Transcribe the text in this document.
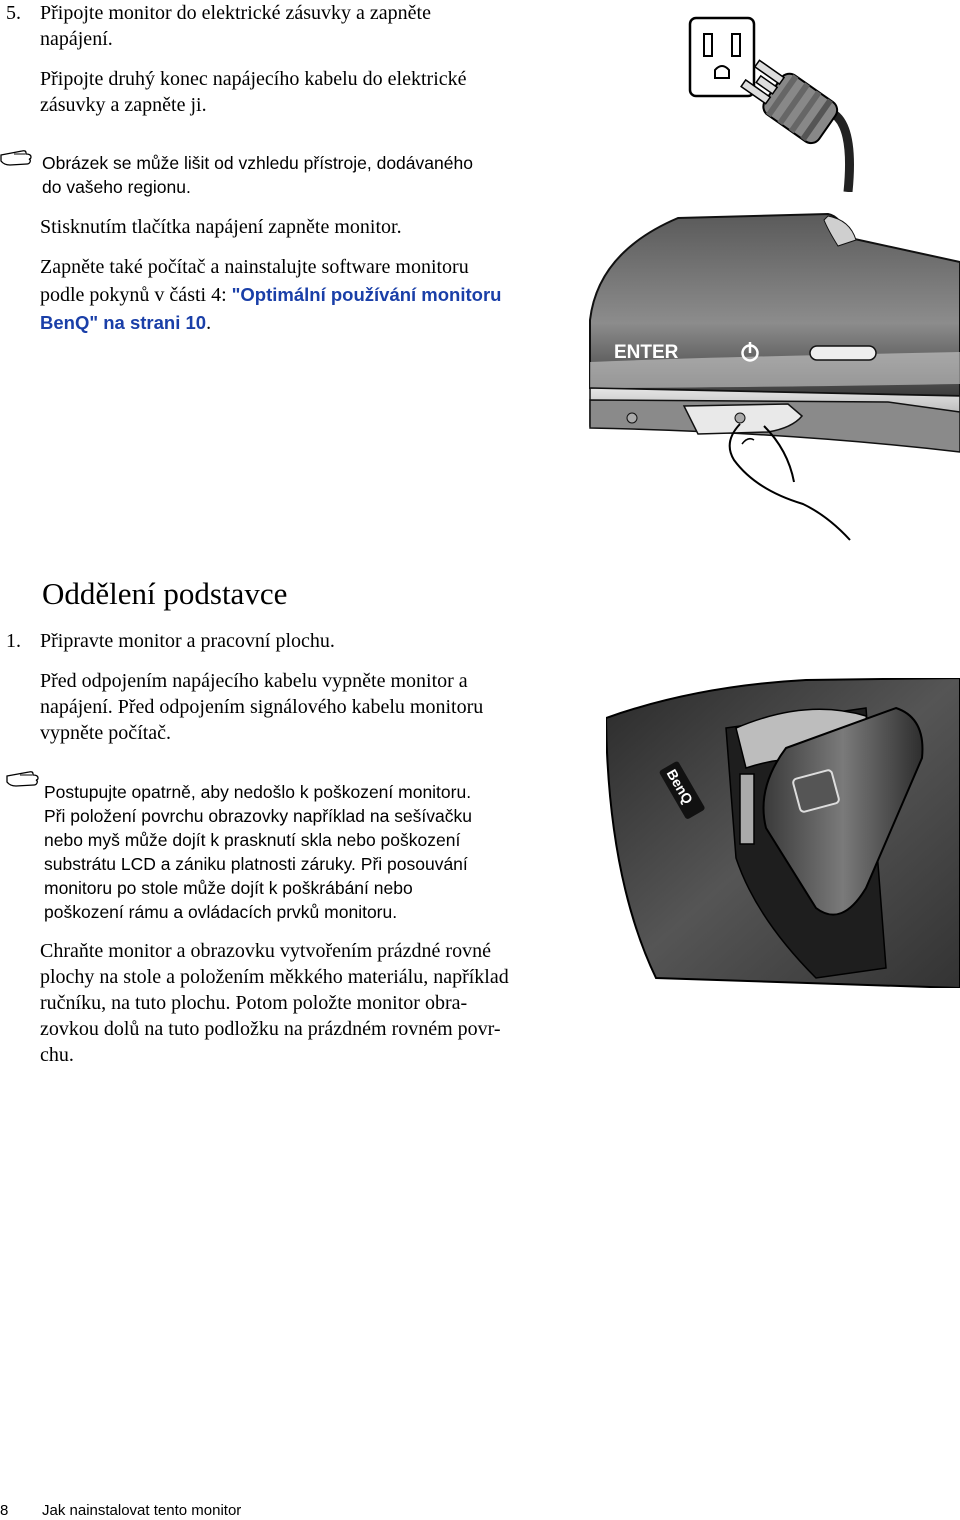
5. Připojte monitor do elektrické zásuvky a zapněte

napájení.

Připojte druhý konec napájecího kabelu do elektrické

zásuvky a zapněte ji.

Obrázek se může lišit od vzhledu přístroje, dodávaného

do vašeho regionu.

Stisknutím tlačítka napájení zapněte monitor.

Zapněte také počítač a nainstalujte software monitoru

podle pokynů v části 4: "Optimální používání monitoru

BenQ" na strani 10.

ENTER
Oddělení podstavce
1. Připravte monitor a pracovní plochu.

Před odpojením napájecího kabelu vypněte monitor a

napájení. Před odpojením signálového kabelu monitoru

vypněte počítač.

Postupujte opatrně, aby nedošlo k poškození monitoru.

Při položení povrchu obrazovky například na sešívačku

nebo myš může dojít k prasknutí skla nebo poškození

substrátu LCD a zániku platnosti záruky. Při posouvání

monitoru po stole může dojít k poškrábání nebo

poškození rámu a ovládacích prvků monitoru.

Chraňte monitor a obrazovku vytvořením prázdné rovné

plochy na stole a položením měkkého materiálu, například

ručníku, na tuto plochu. Potom položte monitor obra-

zovkou dolů na tuto podložku na prázdném rovném povr-

chu.

BenQ
8 Jak nainstalovat tento monitor
